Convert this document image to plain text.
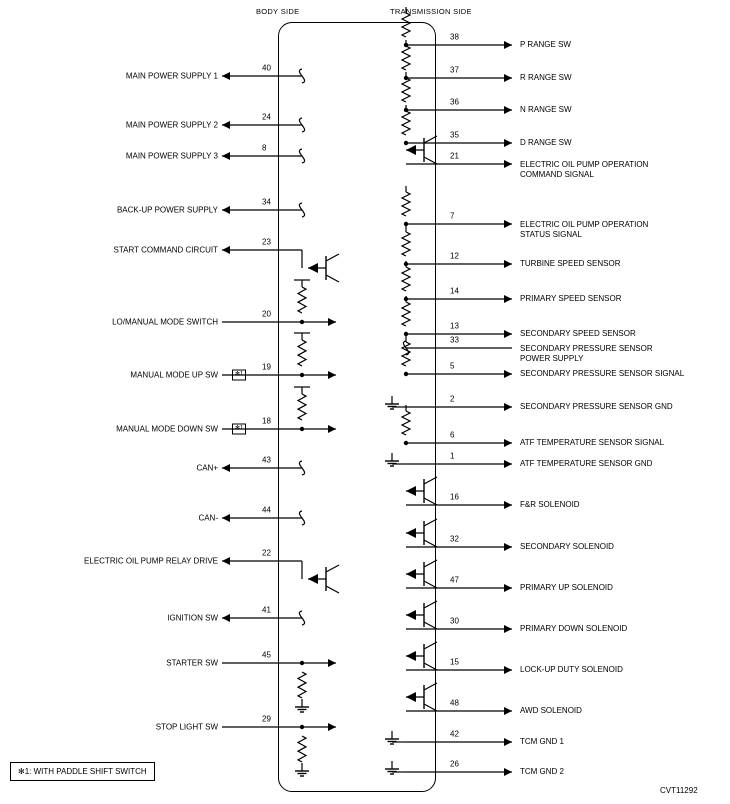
BODY SIDE	TRANSMISSION SIDE
MAIN POWER SUPPLY 1
40
MAIN POWER SUPPLY 2
24
MAIN POWER SUPPLY 3
8
BACK-UP POWER SUPPLY
34
START COMMAND CIRCUIT
23
LO/MANUAL MODE SWITCH
20
MANUAL MODE UP SW
19
✻1
MANUAL MODE DOWN SW
18
✻1
CAN+
43
CAN-
44
ELECTRIC OIL PUMP RELAY DRIVE
22
IGNITION SW
41
STARTER SW
45
STOP LIGHT SW
29
P RANGE SW
38
R RANGE SW
37
N RANGE SW
36
D RANGE SW
35
ELECTRIC OIL PUMP OPERATION
COMMAND SIGNAL
21
ELECTRIC OIL PUMP OPERATION
STATUS SIGNAL
7
TURBINE SPEED SENSOR
12
PRIMARY SPEED SENSOR
14
SECONDARY SPEED SENSOR
13
SECONDARY PRESSURE SENSOR
POWER SUPPLY
33
SECONDARY PRESSURE SENSOR SIGNAL
5
SECONDARY PRESSURE SENSOR GND
2
ATF TEMPERATURE SENSOR SIGNAL
6
ATF TEMPERATURE SENSOR GND
1
F&R SOLENOID
16
SECONDARY SOLENOID
32
PRIMARY UP SOLENOID
47
PRIMARY DOWN SOLENOID
30
LOCK-UP DUTY SOLENOID
15
AWD SOLENOID
48
TCM GND 1
42
TCM GND 2
26
✻1: WITH PADDLE SHIFT SWITCH
CVT11292
